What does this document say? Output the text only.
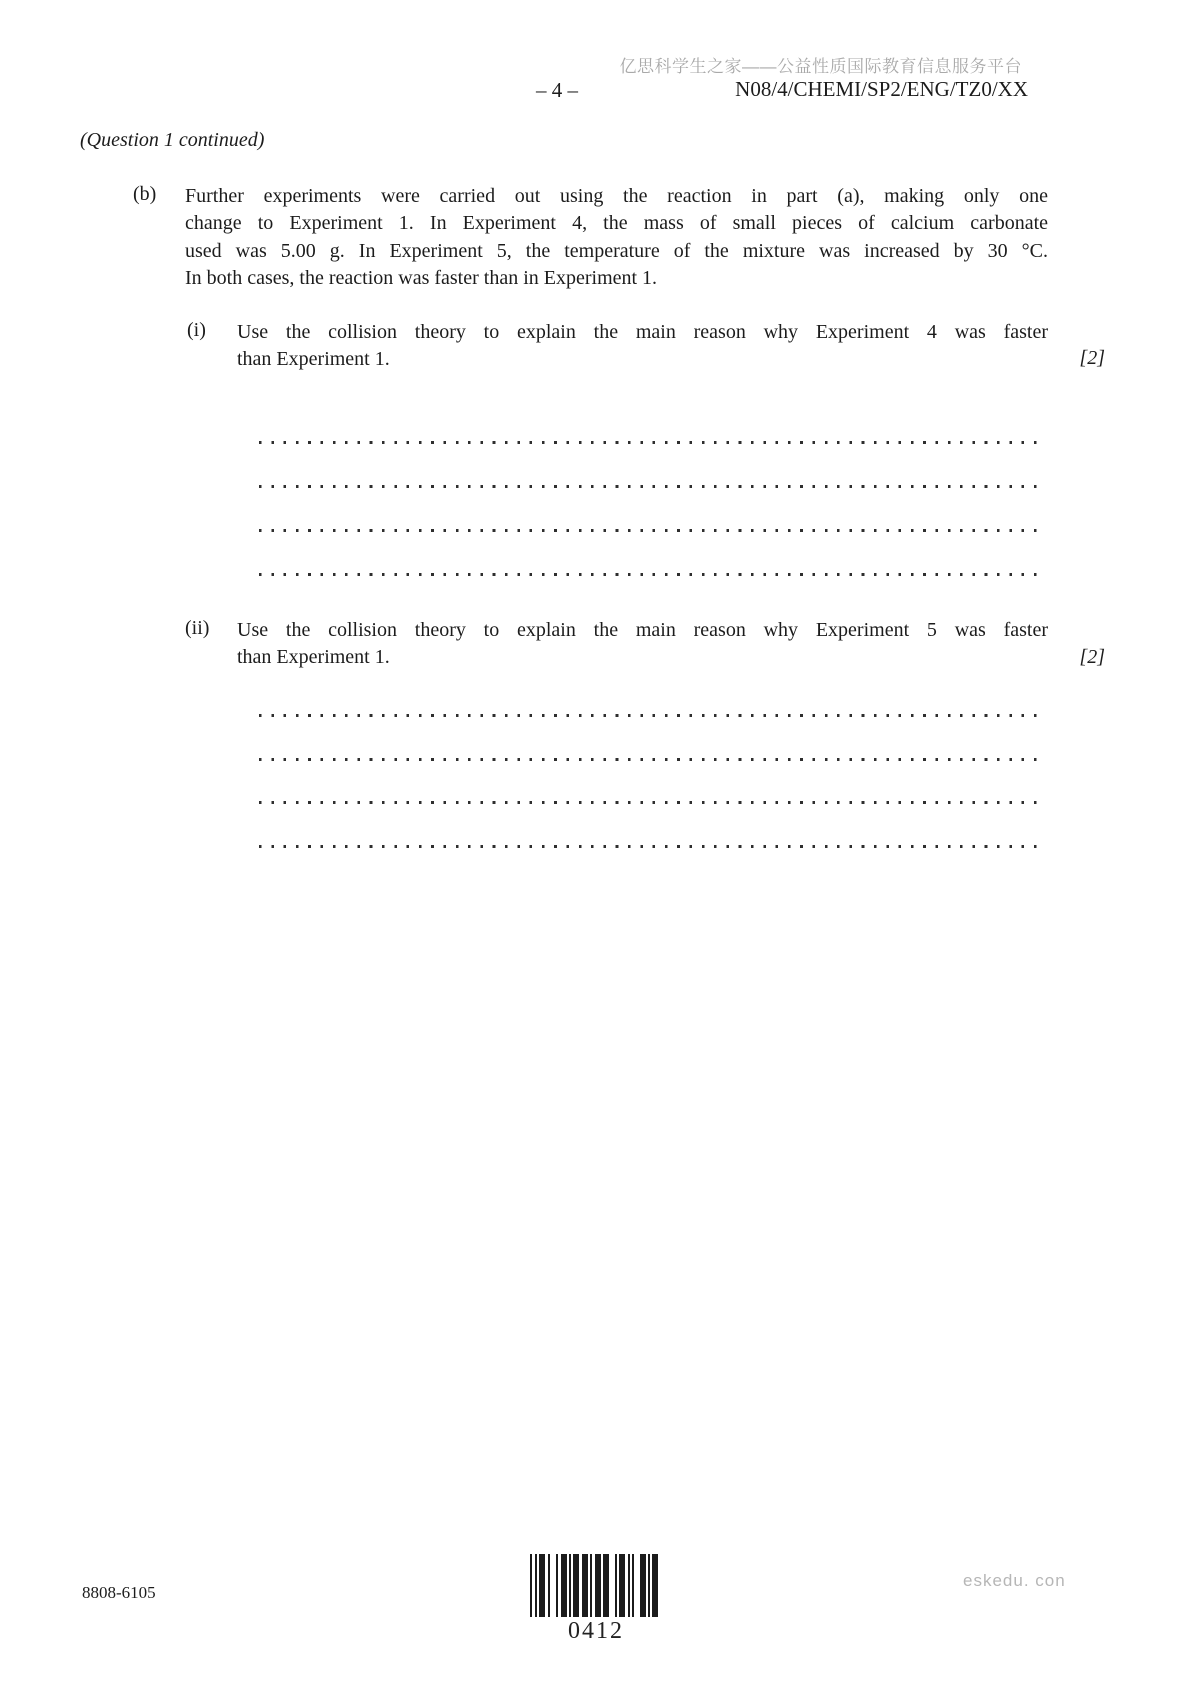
亿思科学生之家——公益性质国际教育信息服务平台
– 4 –	N08/4/CHEMI/SP2/ENG/TZ0/XX
(Question 1 continued)
(b) Further experiments were carried out using the reaction in part (a), making only one
change to Experiment 1. In Experiment 4, the mass of small pieces of calcium carbonate
used was 5.00 g. In Experiment 5, the temperature of the mixture was increased by 30 °C.
In both cases, the reaction was faster than in Experiment 1.
(i) Use the collision theory to explain the main reason why Experiment 4 was faster
than Experiment 1.	[2]
(ii) Use the collision theory to explain the main reason why Experiment 5 was faster
than Experiment 1.	[2]
8808-6105
0412
eskedu. con
